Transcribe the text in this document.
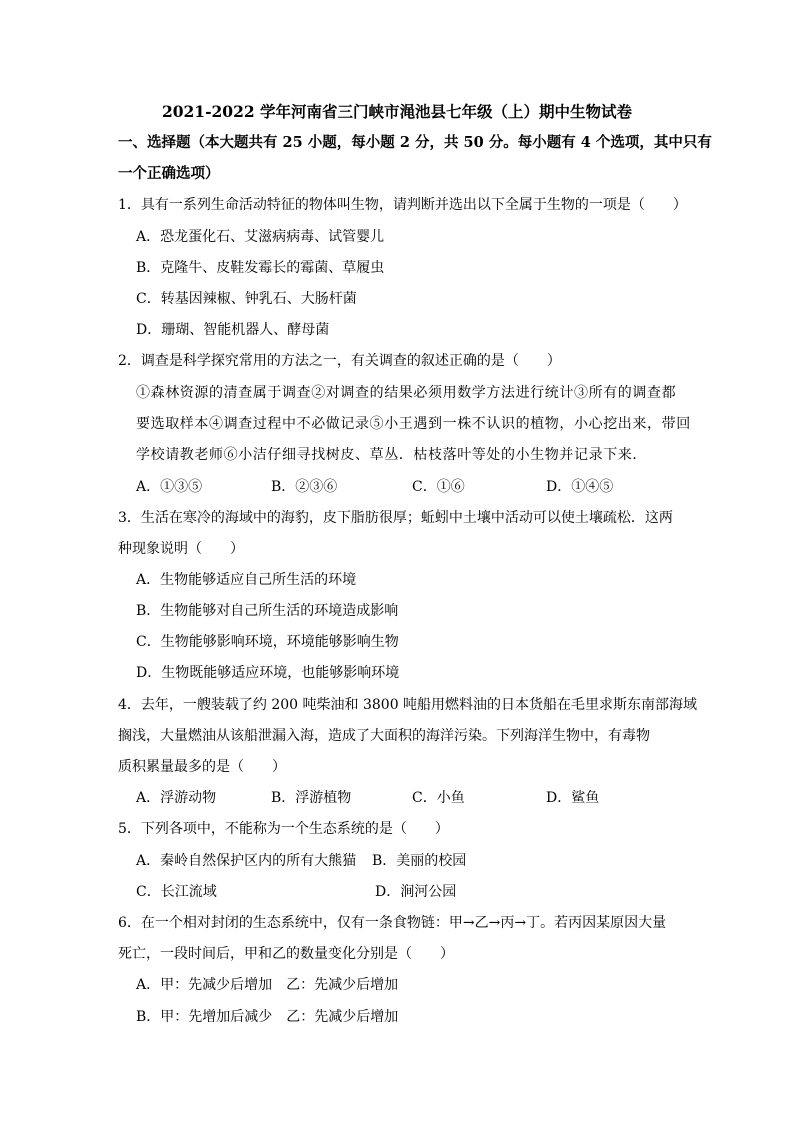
2021-2022 学年河南省三门峡市渑池县七年级（上）期中生物试卷
一、选择题（本大题共有 25 小题，每小题 2 分，共 50 分。每小题有 4 个选项，其中只有
一个正确选项）
1．具有一系列生命活动特征的物体叫生物，请判断并选出以下全属于生物的一项是（　　）
A．恐龙蛋化石、艾滋病病毒、试管婴儿
B．克隆牛、皮鞋发霉长的霉菌、草履虫
C．转基因辣椒、钟乳石、大肠杆菌
D．珊瑚、智能机器人、酵母菌
2．调查是科学探究常用的方法之一，有关调查的叙述正确的是（　　）
①森林资源的清查属于调查②对调查的结果必须用数学方法进行统计③所有的调查都
要选取样本④调查过程中不必做记录⑤小王遇到一株不认识的植物，小心挖出来，带回
学校请教老师⑥小洁仔细寻找树皮、草丛．枯枝落叶等处的小生物并记录下来．
A．①③⑤	B．②③⑥	C．①⑥	D．①④⑤
3．生活在寒冷的海域中的海豹，皮下脂肪很厚；蚯蚓中土壤中活动可以使土壤疏松．这两
种现象说明（　　）
A．生物能够适应自己所生活的环境
B．生物能够对自己所生活的环境造成影响
C．生物能够影响环境，环境能够影响生物
D．生物既能够适应环境，也能够影响环境
4．去年，一艘装载了约 200 吨柴油和 3800 吨船用燃料油的日本货船在毛里求斯东南部海域
搁浅，大量燃油从该船泄漏入海，造成了大面积的海洋污染。下列海洋生物中，有毒物
质积累量最多的是（　　）
A．浮游动物	B．浮游植物	C．小鱼	D．鲨鱼
5．下列各项中，不能称为一个生态系统的是（　　）
A．秦岭自然保护区内的所有大熊猫 B．美丽的校园
C．长江流域	D．涧河公园
6．在一个相对封闭的生态系统中，仅有一条食物链：甲→乙→丙→丁。若丙因某原因大量
死亡，一段时间后，甲和乙的数量变化分别是（　　）
A．甲：先减少后增加　乙：先减少后增加
B．甲：先增加后减少　乙：先减少后增加
